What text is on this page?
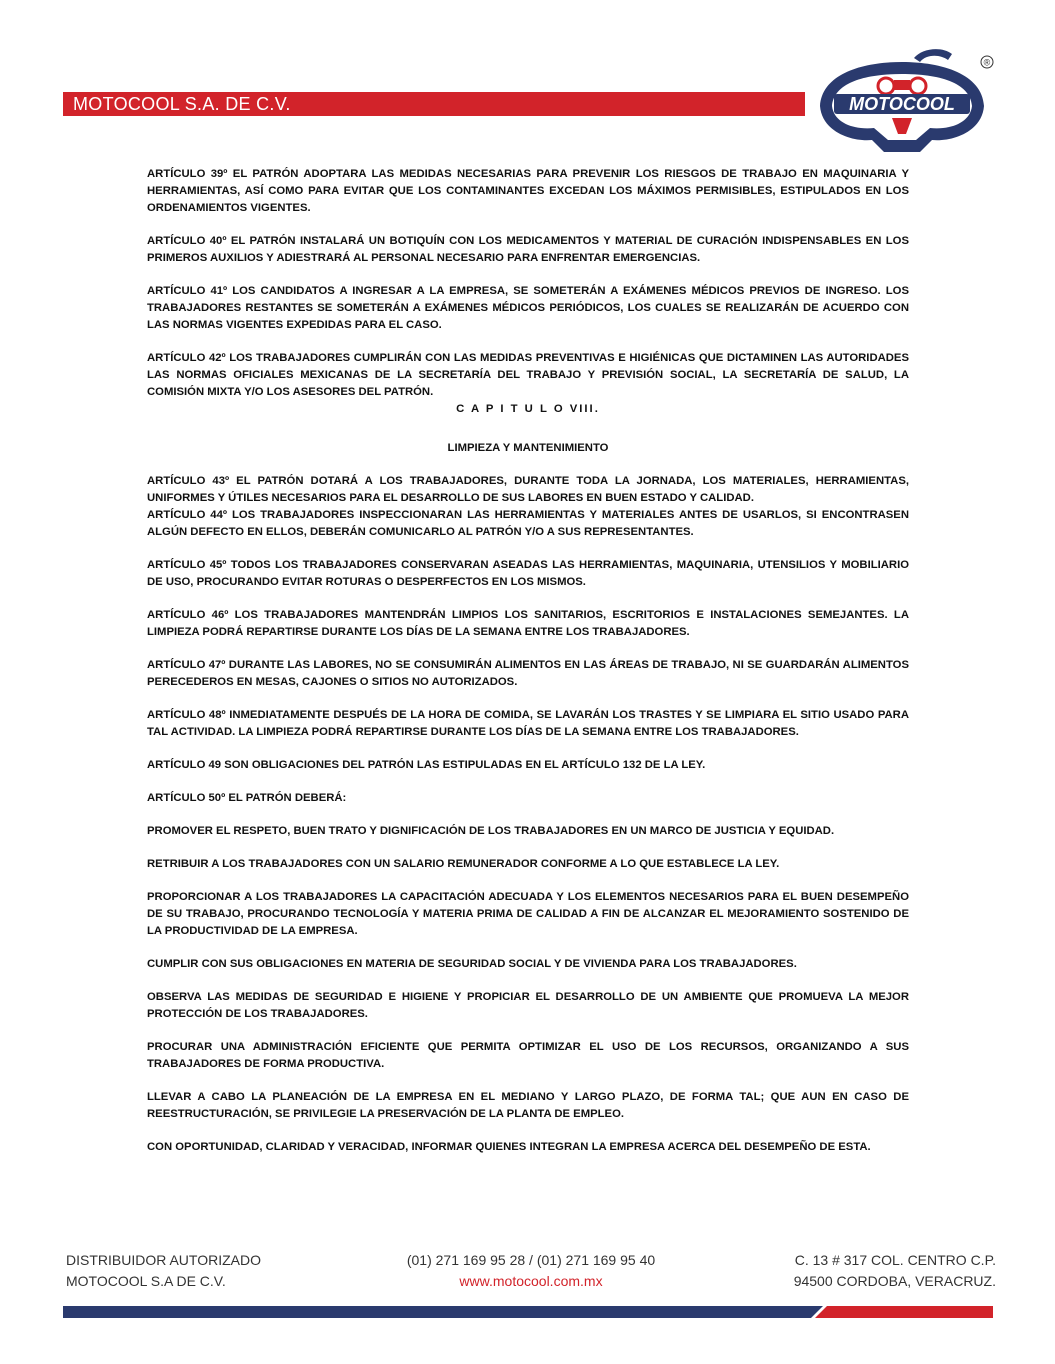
MOTOCOOL S.A. DE C.V.	MOTOCOOL
®

ARTÍCULO 39º EL PATRÓN ADOPTARA LAS MEDIDAS NECESARIAS PARA PREVENIR LOS RIESGOS DE TRABAJO EN MAQUINARIA Y HERRAMIENTAS, ASÍ COMO PARA EVITAR QUE LOS CONTAMINANTES EXCEDAN LOS MÁXIMOS PERMISIBLES, ESTIPULADOS EN LOS ORDENAMIENTOS VIGENTES.

ARTÍCULO 40º EL PATRÓN INSTALARÁ UN BOTIQUÍN CON LOS MEDICAMENTOS Y MATERIAL DE CURACIÓN INDISPENSABLES EN LOS PRIMEROS AUXILIOS Y ADIESTRARÁ AL PERSONAL NECESARIO PARA ENFRENTAR EMERGENCIAS.

ARTÍCULO 41º LOS CANDIDATOS A INGRESAR A LA EMPRESA, SE SOMETERÁN A EXÁMENES MÉDICOS PREVIOS DE INGRESO. LOS TRABAJADORES RESTANTES SE SOMETERÁN A EXÁMENES MÉDICOS PERIÓDICOS, LOS CUALES SE REALIZARÁN DE ACUERDO CON LAS NORMAS VIGENTES EXPEDIDAS PARA EL CASO.

ARTÍCULO 42º LOS TRABAJADORES CUMPLIRÁN CON LAS MEDIDAS PREVENTIVAS E HIGIÉNICAS QUE DICTAMINEN LAS AUTORIDADES LAS NORMAS OFICIALES MEXICANAS DE LA SECRETARÍA DEL TRABAJO Y PREVISIÓN SOCIAL, LA SECRETARÍA DE SALUD, LA COMISIÓN MIXTA Y/O LOS ASESORES DEL PATRÓN.

C A P I T U L O VIII.

LIMPIEZA Y MANTENIMIENTO

ARTÍCULO 43º EL PATRÓN DOTARÁ A LOS TRABAJADORES, DURANTE TODA LA JORNADA, LOS MATERIALES, HERRAMIENTAS, UNIFORMES Y ÚTILES NECESARIOS PARA EL DESARROLLO DE SUS LABORES EN BUEN ESTADO Y CALIDAD.

ARTÍCULO 44º LOS TRABAJADORES INSPECCIONARAN LAS HERRAMIENTAS Y MATERIALES ANTES DE USARLOS, SI ENCONTRASEN ALGÚN DEFECTO EN ELLOS, DEBERÁN COMUNICARLO AL PATRÓN Y/O A SUS REPRESENTANTES.

ARTÍCULO 45º TODOS LOS TRABAJADORES CONSERVARAN ASEADAS LAS HERRAMIENTAS, MAQUINARIA, UTENSILIOS Y MOBILIARIO DE USO, PROCURANDO EVITAR ROTURAS O DESPERFECTOS EN LOS MISMOS.

ARTÍCULO 46º LOS TRABAJADORES MANTENDRÁN LIMPIOS LOS SANITARIOS, ESCRITORIOS E INSTALACIONES SEMEJANTES. LA LIMPIEZA PODRÁ REPARTIRSE DURANTE LOS DÍAS DE LA SEMANA ENTRE LOS TRABAJADORES.

ARTÍCULO 47º DURANTE LAS LABORES, NO SE CONSUMIRÁN ALIMENTOS EN LAS ÁREAS DE TRABAJO, NI SE GUARDARÁN ALIMENTOS PERECEDEROS EN MESAS, CAJONES O SITIOS NO AUTORIZADOS.

ARTÍCULO 48º INMEDIATAMENTE DESPUÉS DE LA HORA DE COMIDA, SE LAVARÁN LOS TRASTES Y SE LIMPIARA EL SITIO USADO PARA TAL ACTIVIDAD. LA LIMPIEZA PODRÁ REPARTIRSE DURANTE LOS DÍAS DE LA SEMANA ENTRE LOS TRABAJADORES.

ARTÍCULO 49 SON OBLIGACIONES DEL PATRÓN LAS ESTIPULADAS EN EL ARTÍCULO 132 DE LA LEY.

ARTÍCULO 50º EL PATRÓN DEBERÁ:

PROMOVER EL RESPETO, BUEN TRATO Y DIGNIFICACIÓN DE LOS TRABAJADORES EN UN MARCO DE JUSTICIA Y EQUIDAD.

RETRIBUIR A LOS TRABAJADORES CON UN SALARIO REMUNERADOR CONFORME A LO QUE ESTABLECE LA LEY.

PROPORCIONAR A LOS TRABAJADORES LA CAPACITACIÓN ADECUADA Y LOS ELEMENTOS NECESARIOS PARA EL BUEN DESEMPEÑO DE SU TRABAJO, PROCURANDO TECNOLOGÍA Y MATERIA PRIMA DE CALIDAD A FIN DE ALCANZAR EL MEJORAMIENTO SOSTENIDO DE LA PRODUCTIVIDAD DE LA EMPRESA.

CUMPLIR CON SUS OBLIGACIONES EN MATERIA DE SEGURIDAD SOCIAL Y DE VIVIENDA PARA LOS TRABAJADORES.

OBSERVA LAS MEDIDAS DE SEGURIDAD E HIGIENE Y PROPICIAR EL DESARROLLO DE UN AMBIENTE QUE PROMUEVA LA MEJOR PROTECCIÓN DE LOS TRABAJADORES.

PROCURAR UNA ADMINISTRACIÓN EFICIENTE QUE PERMITA OPTIMIZAR EL USO DE LOS RECURSOS, ORGANIZANDO A SUS TRABAJADORES DE FORMA PRODUCTIVA.

LLEVAR A CABO LA PLANEACIÓN DE LA EMPRESA EN EL MEDIANO Y LARGO PLAZO, DE FORMA TAL; QUE AUN EN CASO DE REESTRUCTURACIÓN, SE PRIVILEGIE LA PRESERVACIÓN DE LA PLANTA DE EMPLEO.

CON OPORTUNIDAD, CLARIDAD Y VERACIDAD, INFORMAR QUIENES INTEGRAN LA EMPRESA ACERCA DEL DESEMPEÑO DE ESTA.

DISTRIBUIDOR AUTORIZADO
MOTOCOOL S.A DE C.V.
(01) 271 169 95 28 / (01) 271 169 95 40
www.motocool.com.mx
C. 13 # 317 COL. CENTRO C.P.
94500 CORDOBA, VERACRUZ.
